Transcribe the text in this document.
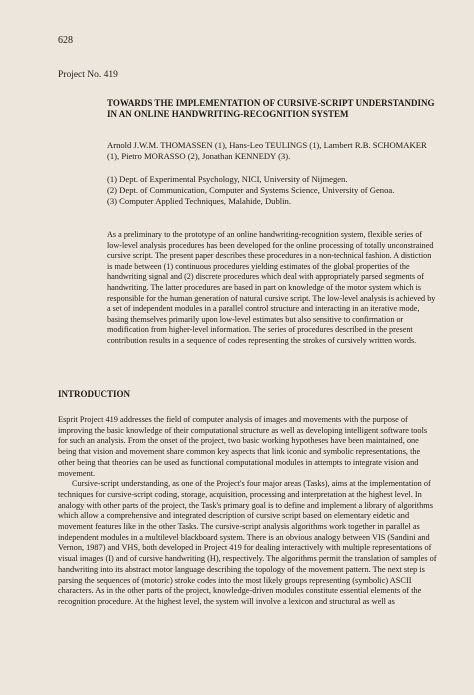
628
Project No. 419
TOWARDS THE IMPLEMENTATION OF CURSIVE-SCRIPT UNDERSTANDING IN AN ONLINE HANDWRITING-RECOGNITION SYSTEM
Arnold J.W.M. THOMASSEN (1), Hans-Leo TEULINGS (1), Lambert R.B. SCHOMAKER (1), Pietro MORASSO (2), Jonathan KENNEDY (3).
(1) Dept. of Experimental Psychology, NICI, University of Nijmegen.
(2) Dept. of Communication, Computer and Systems Science, University of Genoa.
(3) Computer Applied Techniques, Malahide, Dublin.
As a preliminary to the prototype of an online handwriting-recognition system, flexible series of low-level analysis procedures has been developed for the online processing of totally unconstrained cursive script. The present paper describes these procedures in a non-technical fashion. A distiction is made between (1) continuous procedures yielding estimates of the global properties of the handwriting signal and (2) discrete procedures which deal with appropriately parsed segments of handwriting. The latter procedures are based in part on knowledge of the motor system which is responsible for the human generation of natural cursive script. The low-level analysis is achieved by a set of independent modules in a parallel control structure and interacting in an iterative mode, basing themselves primarily upon low-level estimates but also sensitive to confirmation or modification from higher-level information. The series of procedures described in the present contribution results in a sequence of codes representing the strokes of cursively written words.
INTRODUCTION

Esprit Project 419 addresses the field of computer analysis of images and movements with the purpose of improving the basic knowledge of their computational structure as well as developing intelligent software tools for such an analysis. From the onset of the project, two basic working hypotheses have been maintained, one being that vision and movement share common key aspects that link iconic and symbolic representations, the other being that theories can be used as functional computational modules in attempts to integrate vision and movement.

Cursive-script understanding, as one of the Project's four major areas (Tasks), aims at the implementation of techniques for cursive-script coding, storage, acquisition, processing and interpretation at the highest level. In analogy with other parts of the project, the Task's primary goal is to define and implement a library of algorithms which allow a comprehensive and integrated description of cursive script based on elementary eidetic and movement features like in the other Tasks. The cursive-script analysis algorithms work together in parallel as independent modules in a multilevel blackboard system. There is an obvious analogy between VIS (Sandini and Vernon, 1987) and VHS, both developed in Project 419 for dealing interactively with multiple representations of visual images (I) and of cursive handwriting (H), respectively. The algorithms permit the translation of samples of handwriting into its abstract motor language describing the topology of the movement pattern. The next step is parsing the sequences of (motoric) stroke codes into the most likely groups representing (symbolic) ASCII characters. As in the other parts of the project, knowledge-driven modules constitute essential elements of the recognition procedure. At the highest level, the system will involve a lexicon and structural as well as
